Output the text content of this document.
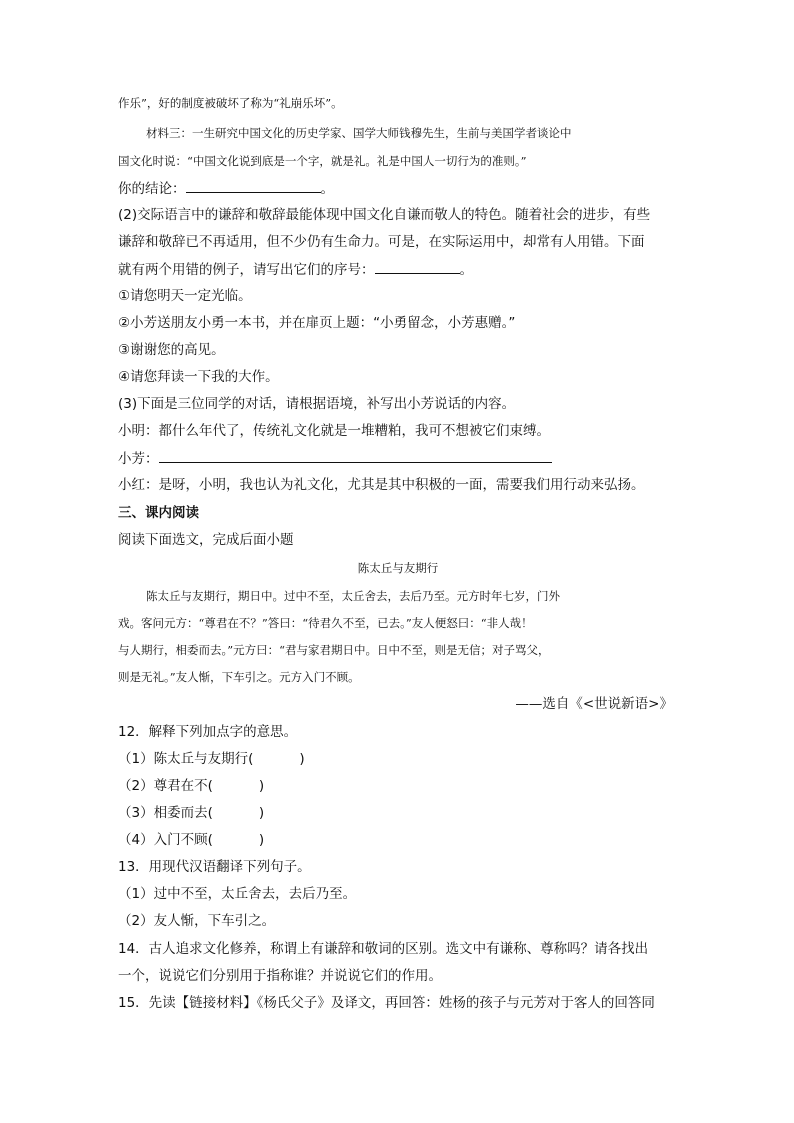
作乐”，好的制度被破坏了称为“礼崩乐坏”。
材料三：一生研究中国文化的历史学家、国学大师钱穆先生，生前与美国学者谈论中
国文化时说：“中国文化说到底是一个字，就是礼。礼是中国人一切行为的准则。”
你的结论：	。
(2)交际语言中的谦辞和敬辞最能体现中国文化自谦而敬人的特色。随着社会的进步，有些
谦辞和敬辞已不再适用，但不少仍有生命力。可是，在实际运用中，却常有人用错。下面
就有两个用错的例子，请写出它们的序号：	。
①请您明天一定光临。
②小芳送朋友小勇一本书，并在扉页上题：“小勇留念，小芳惠赠。”
③谢谢您的高见。
④请您拜读一下我的大作。
(3)下面是三位同学的对话，请根据语境，补写出小芳说话的内容。
小明：都什么年代了，传统礼文化就是一堆糟粕，我可不想被它们束缚。
小芳：
小红：是呀，小明，我也认为礼文化，尤其是其中积极的一面，需要我们用行动来弘扬。
三、课内阅读
阅读下面选文，完成后面小题
陈太丘与友期行
陈太丘与友期行，期日中。过中不至，太丘舍去，去后乃至。元方时年七岁，门外
戏。客问元方：“尊君在不？”答曰：“待君久不至，已去。”友人便怒曰：“非人哉！
与人期行，相委而去。”元方曰：“君与家君期日中。日中不至，则是无信；对子骂父，
则是无礼。”友人惭，下车引之。元方入门不顾。
——选自《<世说新语>》
12．解释下列加点字的意思。
（1）陈太丘与友期行(	)
（2）尊君在不(	)
（3）相委而去(	)
（4）入门不顾(	)
13．用现代汉语翻译下列句子。
（1）过中不至，太丘舍去，去后乃至。
（2）友人惭，下车引之。
14．古人追求文化修养，称谓上有谦辞和敬词的区别。选文中有谦称、尊称吗？请各找出
一个，说说它们分别用于指称谁？并说说它们的作用。
15．先读【链接材料】《杨氏父子》及译文，再回答：姓杨的孩子与元芳对于客人的回答同
